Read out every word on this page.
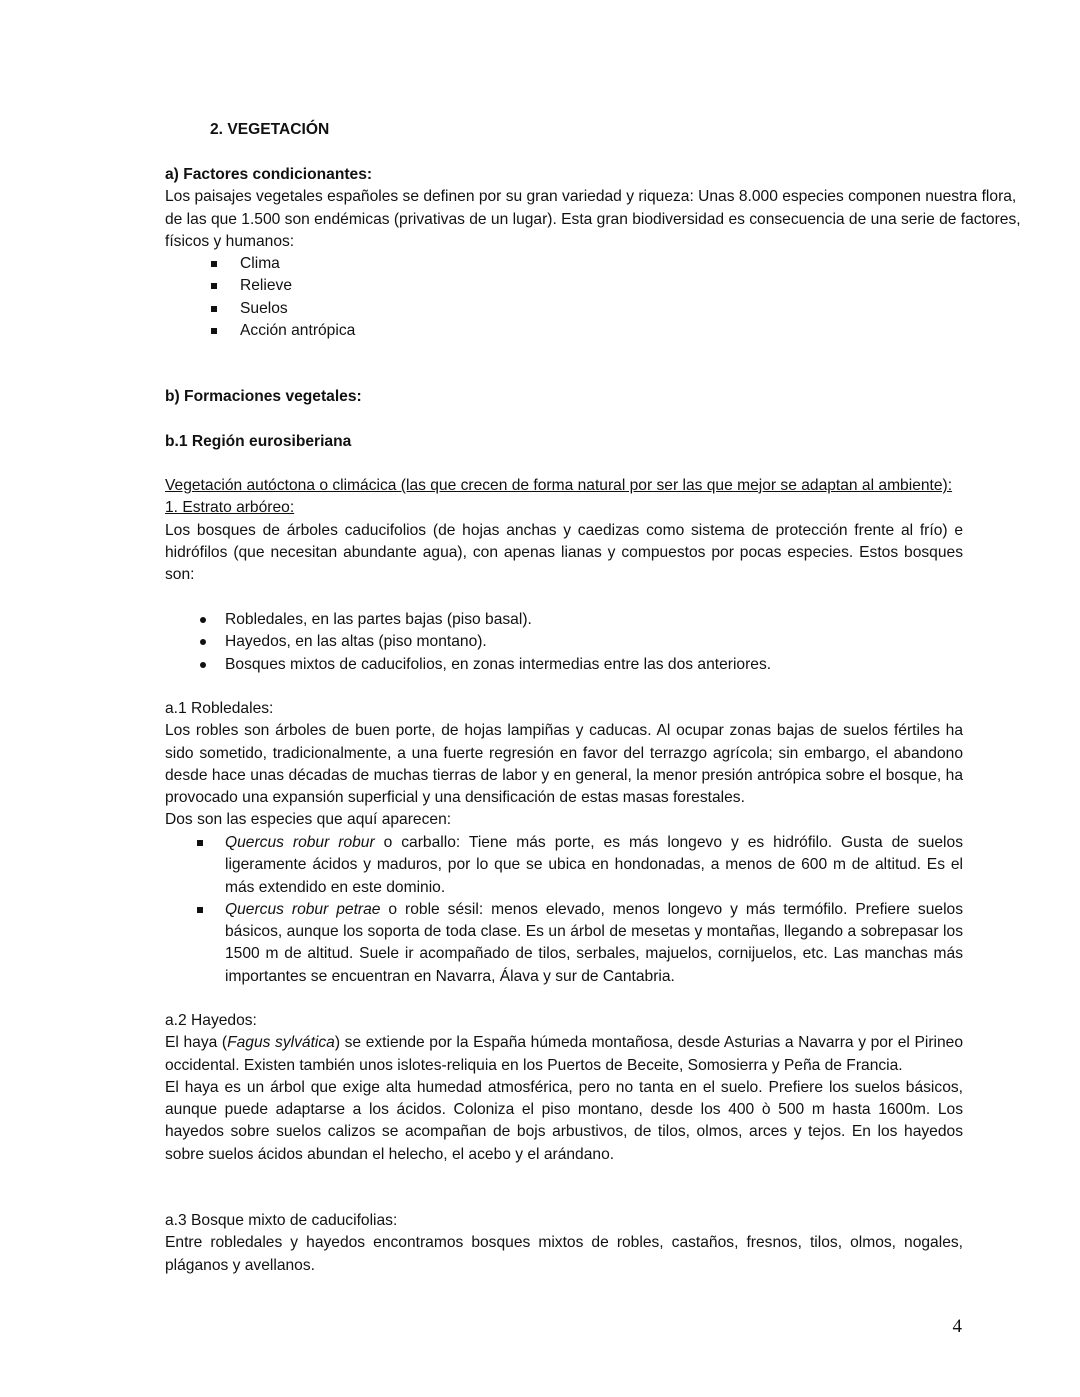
2. VEGETACIÓN

a) Factores condicionantes:

Los paisajes vegetales españoles se definen por su gran variedad y riqueza: Unas 8.000 especies componen nuestra flora, de las que 1.500 son endémicas (privativas de un lugar). Esta gran biodiversidad es consecuencia de una serie de factores, físicos y humanos:

Clima
Relieve
Suelos
Acción antrópica
b) Formaciones vegetales:
b.1 Región eurosiberiana

Vegetación autóctona o climácica (las que crecen de forma natural por ser las que mejor se adaptan al ambiente):

1. Estrato arbóreo:

Los bosques de árboles caducifolios (de hojas anchas y caedizas como sistema de protección frente al frío) e hidrófilos (que necesitan abundante agua), con apenas lianas y compuestos por pocas especies. Estos bosques son:

Robledales, en las partes bajas (piso basal).
Hayedos, en las altas (piso montano).
Bosques mixtos de caducifolios, en zonas intermedias entre las dos anteriores.

a.1 Robledales:

Los robles son árboles de buen porte, de hojas lampiñas y caducas. Al ocupar zonas bajas de suelos fértiles ha sido sometido, tradicionalmente, a una fuerte regresión en favor del terrazgo agrícola; sin embargo, el abandono desde hace unas décadas de muchas tierras de labor y en general, la menor presión antrópica sobre el bosque, ha provocado una expansión superficial y una densificación de estas masas forestales.

Dos son las especies que aquí aparecen:

Quercus robur robur o carballo: Tiene más porte, es más longevo y es hidrófilo. Gusta de suelos ligeramente ácidos y maduros, por lo que se ubica en hondonadas, a menos de 600 m de altitud. Es el más extendido en este dominio.
Quercus robur petrae o roble sésil: menos elevado, menos longevo y más termófilo. Prefiere suelos básicos, aunque los soporta de toda clase. Es un árbol de mesetas y montañas, llegando a sobrepasar los 1500 m de altitud. Suele ir acompañado de tilos, serbales, majuelos, cornijuelos, etc. Las manchas más importantes se encuentran en Navarra, Álava y sur de Cantabria.

a.2 Hayedos:

El haya (Fagus sylvática) se extiende por la España húmeda montañosa, desde Asturias a Navarra y por el Pirineo occidental. Existen también unos islotes-reliquia en los Puertos de Beceite, Somosierra y Peña de Francia.

El haya es un árbol que exige alta humedad atmosférica, pero no tanta en el suelo. Prefiere los suelos básicos, aunque puede adaptarse a los ácidos. Coloniza el piso montano, desde los 400 ò 500 m hasta 1600m. Los hayedos sobre suelos calizos se acompañan de bojs arbustivos, de tilos, olmos, arces y tejos. En los hayedos sobre suelos ácidos abundan el helecho, el acebo y el arándano.

a.3 Bosque mixto de caducifolias:

Entre robledales y hayedos encontramos bosques mixtos de robles, castaños, fresnos, tilos, olmos, nogales, pláganos y avellanos.

4
